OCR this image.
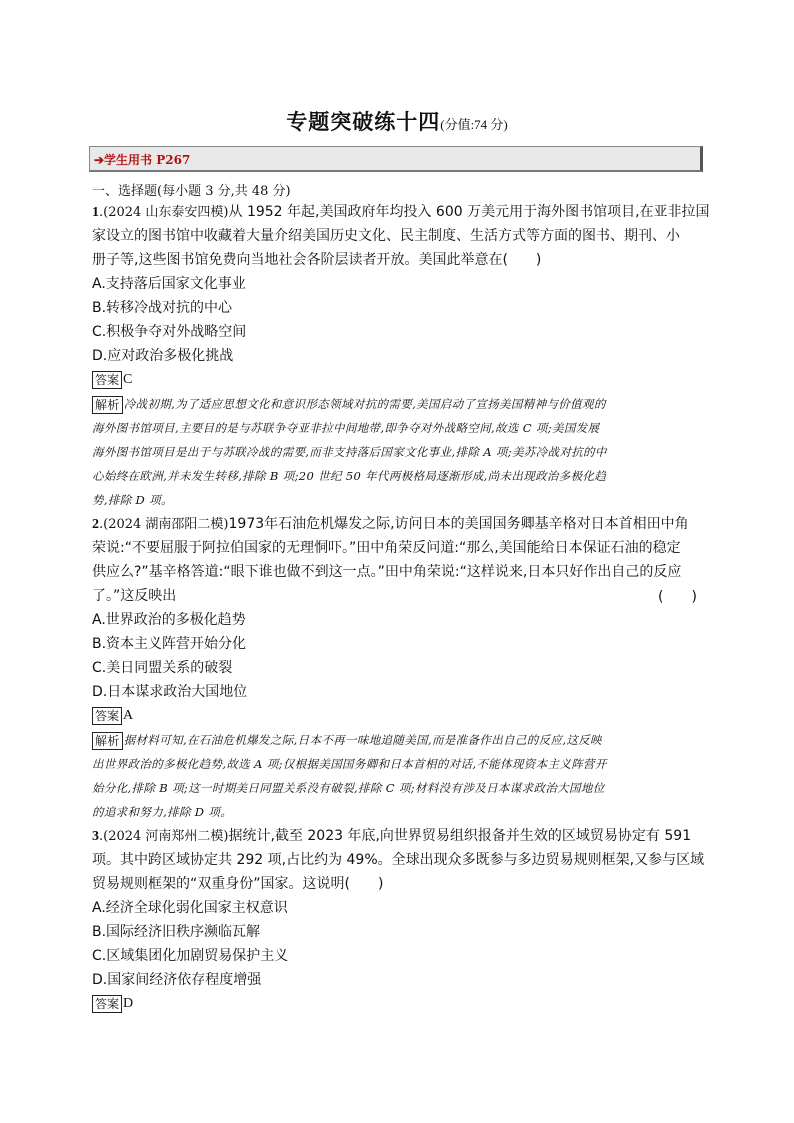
专题突破练十四(分值:74 分)
➔学生用书 P267
一、选择题(每小题 3 分,共 48 分)
1.(2024 山东泰安四模)从 1952 年起,美国政府年均投入 600 万美元用于海外图书馆项目,在亚非拉国
家设立的图书馆中收藏着大量介绍美国历史文化、民主制度、生活方式等方面的图书、期刊、小
册子等,这些图书馆免费向当地社会各阶层读者开放。美国此举意在(　　)
A.支持落后国家文化事业
B.转移冷战对抗的中心
C.积极争夺对外战略空间
D.应对政治多极化挑战
答案 C
解析 冷战初期,为了适应思想文化和意识形态领域对抗的需要,美国启动了宣扬美国精神与价值观的
海外图书馆项目,主要目的是与苏联争夺亚非拉中间地带,即争夺对外战略空间,故选 C 项;美国发展
海外图书馆项目是出于与苏联冷战的需要,而非支持落后国家文化事业,排除 A 项;美苏冷战对抗的中
心始终在欧洲,并未发生转移,排除 B 项;20 世纪 50 年代两极格局逐渐形成,尚未出现政治多极化趋
势,排除 D 项。
2.(2024 湖南邵阳二模)1973年石油危机爆发之际,访问日本的美国国务卿基辛格对日本首相田中角
荣说:“不要屈服于阿拉伯国家的无理恫吓。”田中角荣反问道:“那么,美国能给日本保证石油的稳定
供应么?”基辛格答道:“眼下谁也做不到这一点。”田中角荣说:“这样说来,日本只好作出自己的反应
了。”这反映出
A.世界政治的多极化趋势
B.资本主义阵营开始分化
C.美日同盟关系的破裂
D.日本谋求政治大国地位
(　　)
答案 A
解析 据材料可知,在石油危机爆发之际,日本不再一味地追随美国,而是准备作出自己的反应,这反映
出世界政治的多极化趋势,故选 A 项;仅根据美国国务卿和日本首相的对话,不能体现资本主义阵营开
始分化,排除 B 项;这一时期美日同盟关系没有破裂,排除 C 项;材料没有涉及日本谋求政治大国地位
的追求和努力,排除 D 项。
3.(2024 河南郑州二模)据统计,截至 2023 年底,向世界贸易组织报备并生效的区域贸易协定有 591
项。其中跨区域协定共 292 项,占比约为 49%。全球出现众多既参与多边贸易规则框架,又参与区域
贸易规则框架的“双重身份”国家。这说明(　　)
A.经济全球化弱化国家主权意识
B.国际经济旧秩序濒临瓦解
C.区域集团化加剧贸易保护主义
D.国家间经济依存程度增强
答案 D
